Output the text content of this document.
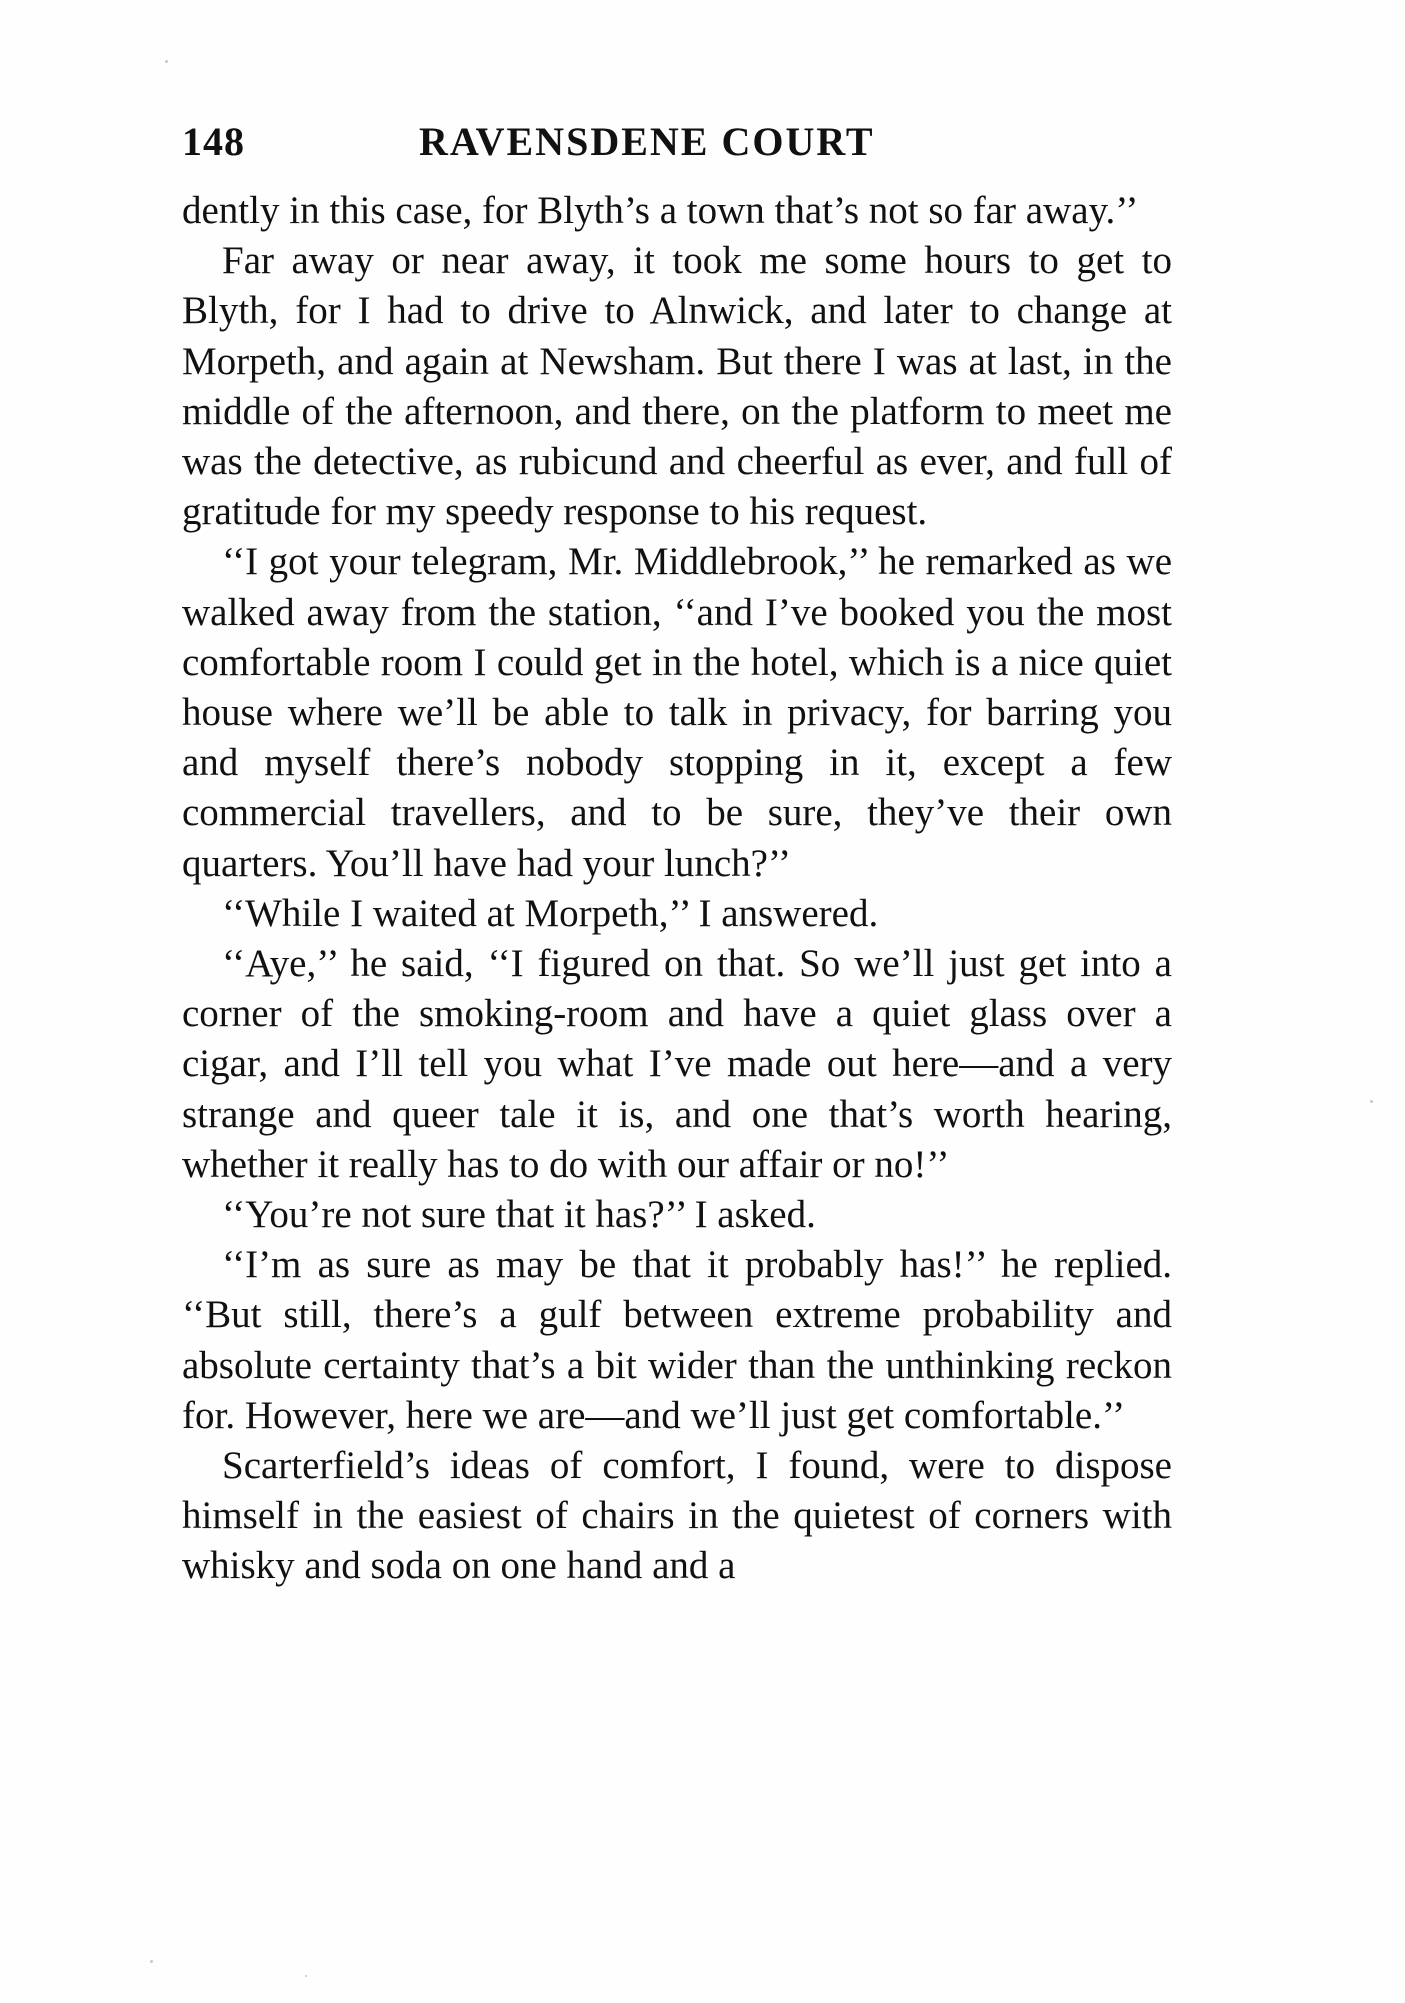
148	RAVENSDENE COURT

dently in this case, for Blyth’s a town that’s not so far away.’’

Far away or near away, it took me some hours to get to Blyth, for I had to drive to Alnwick, and later to change at Morpeth, and again at Newsham. But there I was at last, in the middle of the afternoon, and there, on the platform to meet me was the detective, as rubicund and cheerful as ever, and full of gratitude for my speedy response to his request.

‘‘I got your telegram, Mr. Middlebrook,’’ he remarked as we walked away from the station, ‘‘and I’ve booked you the most comfortable room I could get in the hotel, which is a nice quiet house where we’ll be able to talk in privacy, for barring you and myself there’s nobody stopping in it, except a few commercial travellers, and to be sure, they’ve their own quarters. You’ll have had your lunch?’’

‘‘While I waited at Morpeth,’’ I answered.

‘‘Aye,’’ he said, ‘‘I figured on that. So we’ll just get into a corner of the smoking-room and have a quiet glass over a cigar, and I’ll tell you what I’ve made out here—and a very strange and queer tale it is, and one that’s worth hearing, whether it really has to do with our affair or no!’’

‘‘You’re not sure that it has?’’ I asked.

‘‘I’m as sure as may be that it probably has!’’ he replied. ‘‘But still, there’s a gulf between extreme probability and absolute certainty that’s a bit wider than the unthinking reckon for. However, here we are—and we’ll just get comfortable.’’

Scarterfield’s ideas of comfort, I found, were to dispose himself in the easiest of chairs in the quietest of corners with whisky and soda on one hand and a
